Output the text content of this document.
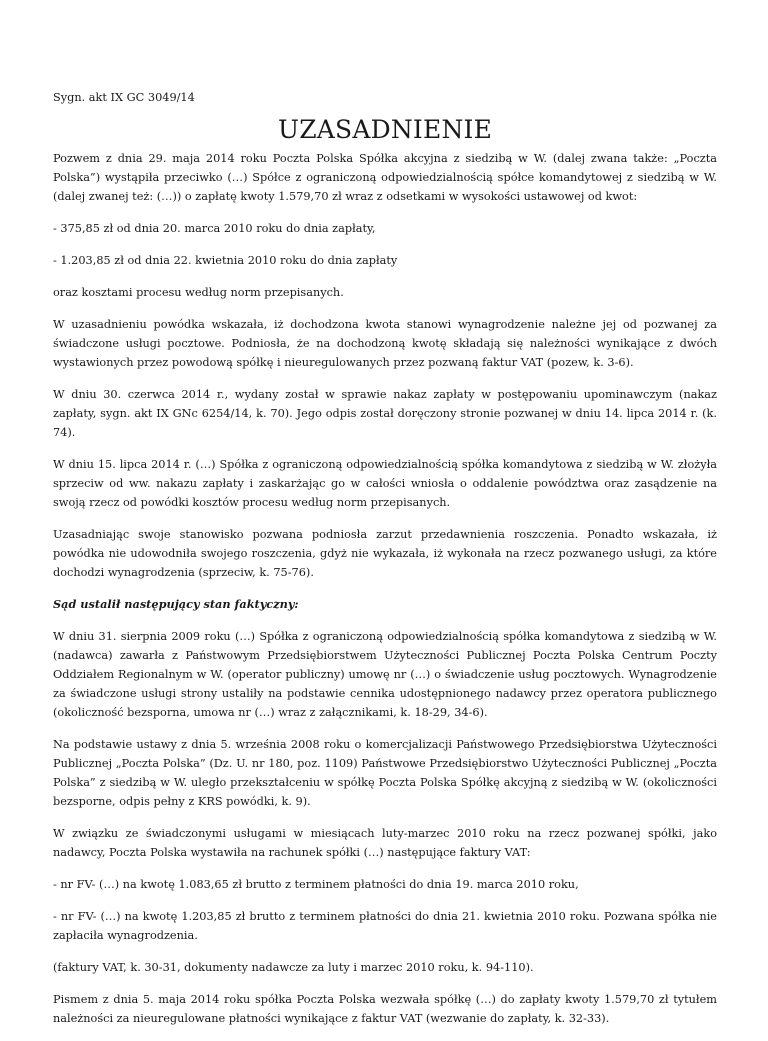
Sygn. akt IX GC 3049/14

UZASADNIENIE

Pozwem z dnia 29. maja 2014 roku Poczta Polska Spółka akcyjna z siedzibą w W. (dalej zwana także: „Poczta Polska”) wystąpiła przeciwko (…) Spółce z ograniczoną odpowiedzialnością spółce komandytowej z siedzibą w W. (dalej zwanej też: (…)) o zapłatę kwoty 1.579,70 zł wraz z odsetkami w wysokości ustawowej od kwot:

- 375,85 zł od dnia 20. marca 2010 roku do dnia zapłaty,

- 1.203,85 zł od dnia 22. kwietnia 2010 roku do dnia zapłaty

oraz kosztami procesu według norm przepisanych.

W uzasadnieniu powódka wskazała, iż dochodzona kwota stanowi wynagrodzenie należne jej od pozwanej za świadczone usługi pocztowe. Podniosła, że na dochodzoną kwotę składają się należności wynikające z dwóch wystawionych przez powodową spółkę i nieuregulowanych przez pozwaną faktur VAT (pozew, k. 3-6).

W dniu 30. czerwca 2014 r., wydany został w sprawie nakaz zapłaty w postępowaniu upominawczym (nakaz zapłaty, sygn. akt IX GNc 6254/14, k. 70). Jego odpis został doręczony stronie pozwanej w dniu 14. lipca 2014 r. (k. 74).

W dniu 15. lipca 2014 r. (…) Spółka z ograniczoną odpowiedzialnością spółka komandytowa z siedzibą w W. złożyła sprzeciw od ww. nakazu zapłaty i zaskarżając go w całości wniosła o oddalenie powództwa oraz zasądzenie na swoją rzecz od powódki kosztów procesu według norm przepisanych.

Uzasadniając swoje stanowisko pozwana podniosła zarzut przedawnienia roszczenia. Ponadto wskazała, iż powódka nie udowodniła swojego roszczenia, gdyż nie wykazała, iż wykonała na rzecz pozwanego usługi, za które dochodzi wynagrodzenia (sprzeciw, k. 75-76).

Sąd ustalił następujący stan faktyczny:

W dniu 31. sierpnia 2009 roku (…) Spółka z ograniczoną odpowiedzialnością spółka komandytowa z siedzibą w W. (nadawca) zawarła z Państwowym Przedsiębiorstwem Użyteczności Publicznej Poczta Polska Centrum Poczty Oddziałem Regionalnym w W. (operator publiczny) umowę nr (…) o świadczenie usług pocztowych. Wynagrodzenie za świadczone usługi strony ustaliły na podstawie cennika udostępnionego nadawcy przez operatora publicznego (okoliczność bezsporna, umowa nr (…) wraz z załącznikami, k. 18-29, 34-6).

Na podstawie ustawy z dnia 5. września 2008 roku o komercjalizacji Państwowego Przedsiębiorstwa Użyteczności Publicznej „Poczta Polska” (Dz. U. nr 180, poz. 1109) Państwowe Przedsiębiorstwo Użyteczności Publicznej „Poczta Polska” z siedzibą w W. uległo przekształceniu w spółkę Poczta Polska Spółkę akcyjną z siedzibą w W. (okoliczności bezsporne, odpis pełny z KRS powódki, k. 9).

W związku ze świadczonymi usługami w miesiącach luty-marzec 2010 roku na rzecz pozwanej spółki, jako nadawcy, Poczta Polska wystawiła na rachunek spółki (…) następujące faktury VAT:

- nr FV- (…) na kwotę 1.083,65 zł brutto z terminem płatności do dnia 19. marca 2010 roku,

- nr FV- (…) na kwotę 1.203,85 zł brutto z terminem płatności do dnia 21. kwietnia 2010 roku. Pozwana spółka nie zapłaciła wynagrodzenia.

(faktury VAT, k. 30-31, dokumenty nadawcze za luty i marzec 2010 roku, k. 94-110).

Pismem z dnia 5. maja 2014 roku spółka Poczta Polska wezwała spółkę (…) do zapłaty kwoty 1.579,70 zł tytułem należności za nieuregulowane płatności wynikające z faktur VAT (wezwanie do zapłaty, k. 32-33).
